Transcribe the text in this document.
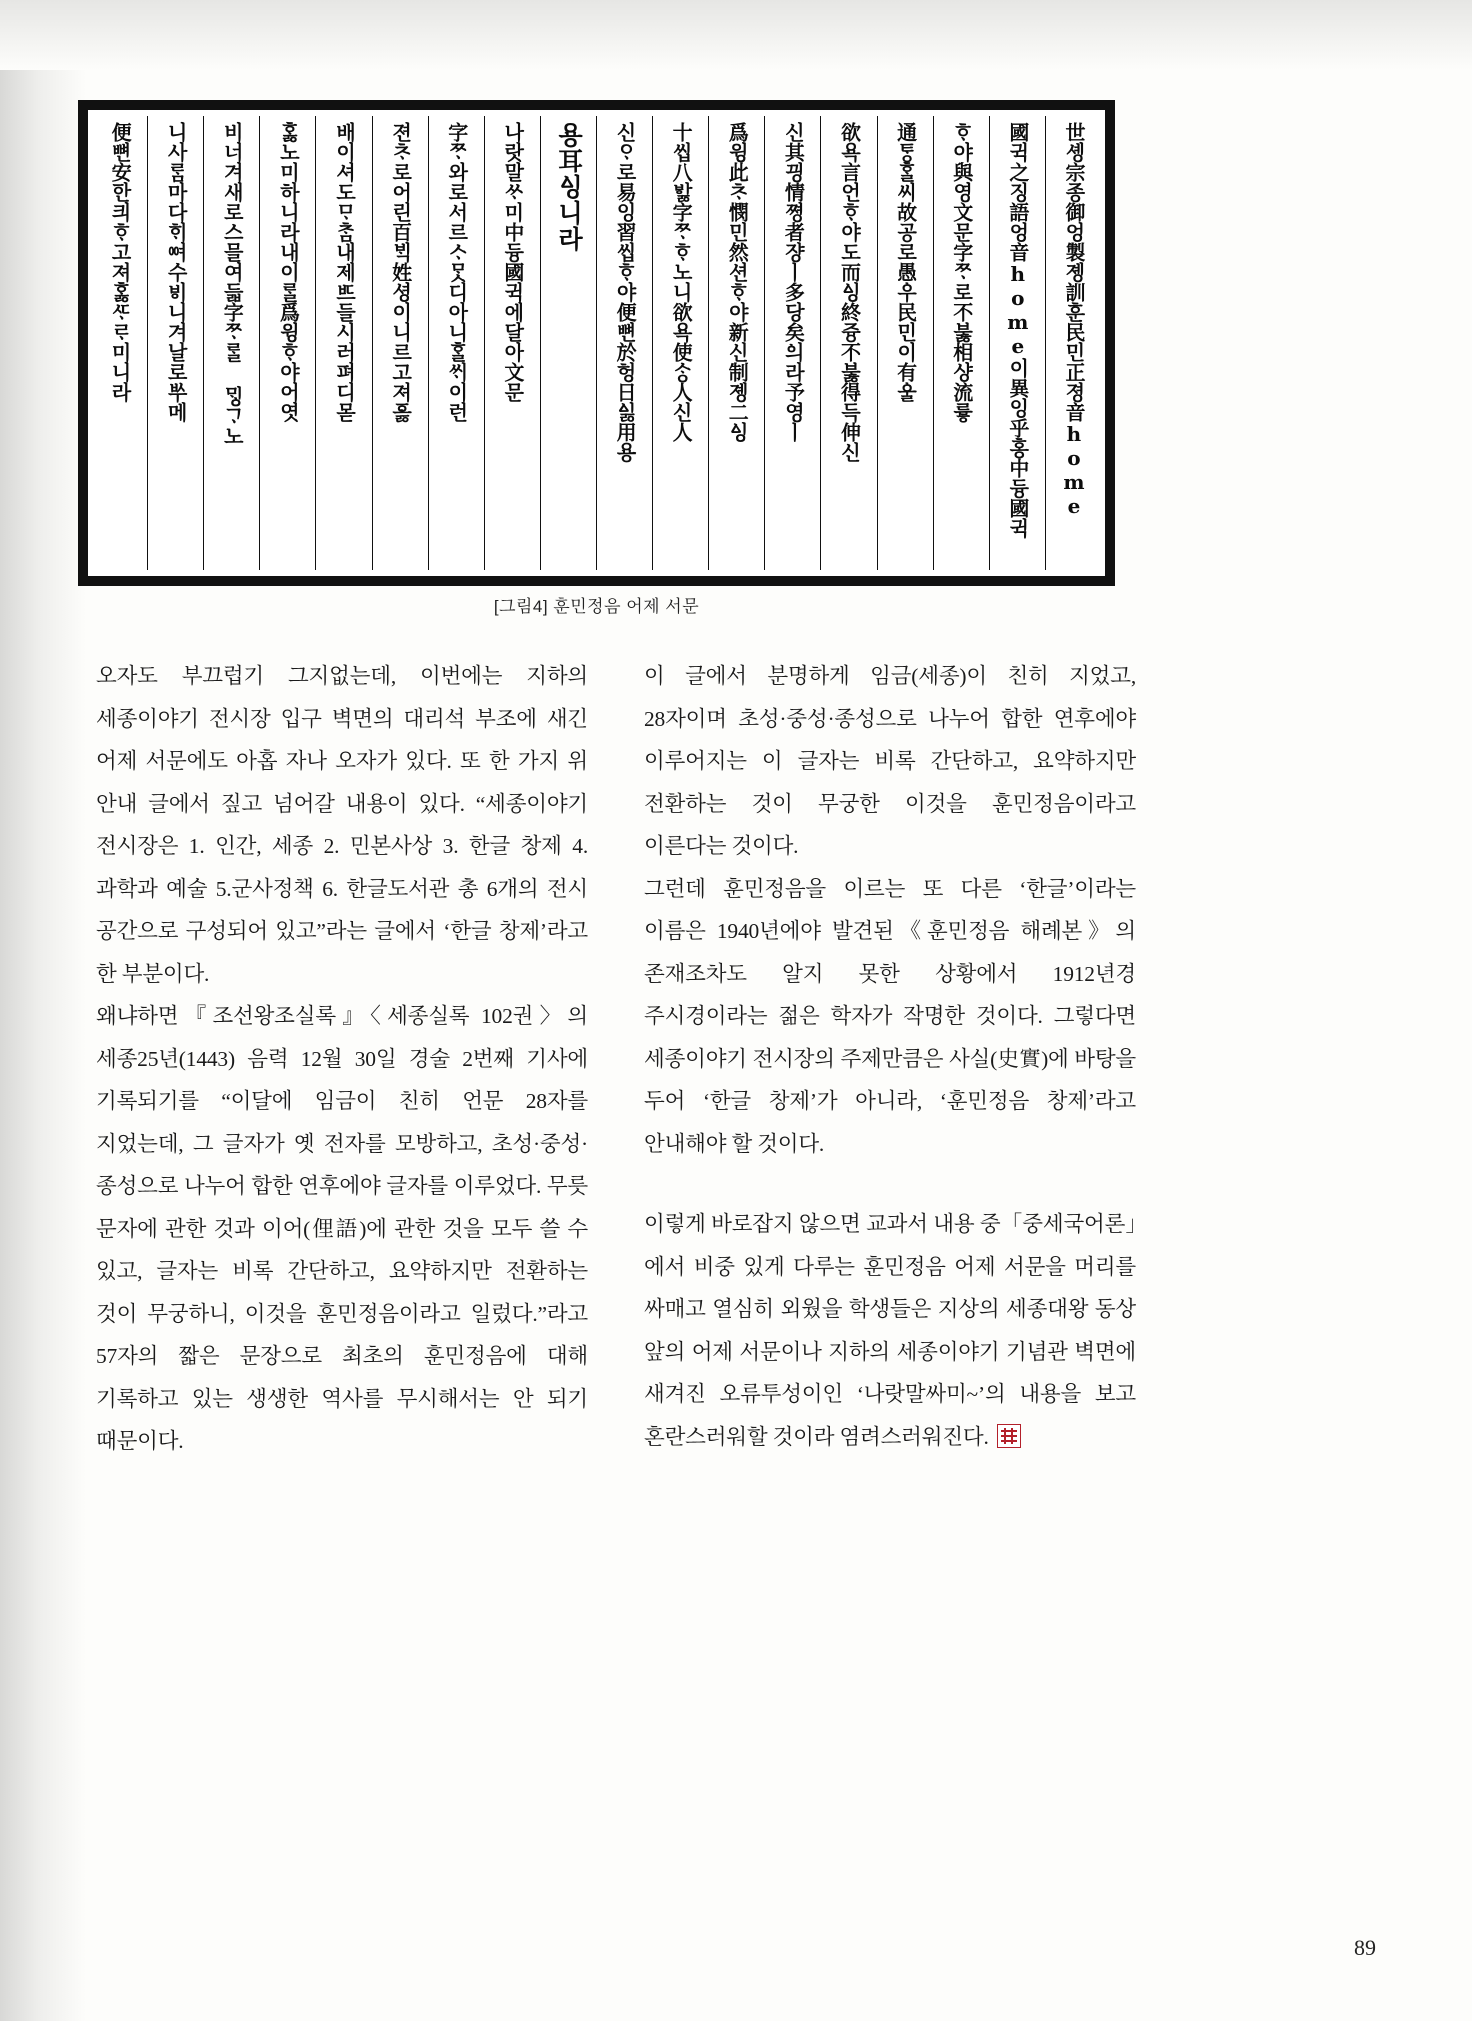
世솅宗종御엉製졩訓훈民민正졍音home
國귁之징語엉音home이異잉乎홍中듕國귁
ᄒᆞ야與영文문字ᄍᆞ로不붏相샹流륳
通ᄐᆞᆼᄒᆞᆯ씨故공로愚ᅌᅮ民민이有ᅌᅮᆯ
欲욕言언ᄒᆞ야도而ᅀᅵᆼ終즁不붏得득伸신
신其끵情쪙者쟝ㅣ多당矣ᅌᅴ라予영ㅣ
爲윙此ᄎᆞ憫민然션ᄒᆞ야新신制졩二ᅀᅵᆼ
十씹八ᄫᅡᇙ字ᄍᆞᄒᆞ노니欲욕使ᄉᆞᆼ人신人
신ᄋᆞ로易잉習씹ᄒᆞ야便뼌於헝日ᅀᅵᇙ用용
용耳ᅀᅵᆼ니라
나랏말ᄊᆞ미中듕國귁에달아文문
字ᄍᆞ와로서르ᄉᆞᄆᆞᆺ디아니ᄒᆞᆯᄊᆡ이런
젼ᄎᆞ로어린百ᄇᆡᆨ姓셩이니르고져ᅙᅩᇙ
배이셔도ᄆᆞᄎᆞᆷ내제ᄠᅳ들시러펴디몯
ᄒᆞᇙ노미하니라내이ᄅᆞᆯ爲윙ᄒᆞ야어엿
비너겨새로스믈여듧字ᄍᆞᄅᆞᆯ ᄆᆡᇰᄀᆞ노
니사ᄅᆞᆷ마다ᄒᆡᅇᅧ수ᄫᅵ니겨날로ᄡᅮ메
便뼌安ᅙᅡᆫ킈ᄒᆞ고져ᄒᆞᇙᄯᆞᄅᆞ미니라
[그림4] 훈민정음 어제 서문

오자도 부끄럽기 그지없는데, 이번에는 지하의 세종이야기 전시장 입구 벽면의 대리석 부조에 새긴 어제 서문에도 아홉 자나 오자가 있다. 또 한 가지 위 안내 글에서 짚고 넘어갈 내용이 있다. “세종이야기 전시장은 1. 인간, 세종 2. 민본사상 3. 한글 창제 4. 과학과 예술 5.군사정책 6. 한글도서관 총 6개의 전시 공간으로 구성되어 있고”라는 글에서 ‘한글 창제’라고 한 부분이다.

왜냐하면『조선왕조실록』〈세종실록 102권〉의 세종25년(1443) 음력 12월 30일 경술 2번째 기사에 기록되기를 “이달에 임금이 친히 언문 28자를 지었는데, 그 글자가 옛 전자를 모방하고, 초성·중성·종성으로 나누어 합한 연후에야 글자를 이루었다. 무릇 문자에 관한 것과 이어(俚語)에 관한 것을 모두 쓸 수 있고, 글자는 비록 간단하고, 요약하지만 전환하는 것이 무궁하니, 이것을 훈민정음이라고 일렀다.”라고 57자의 짧은 문장으로 최초의 훈민정음에 대해 기록하고 있는 생생한 역사를 무시해서는 안 되기 때문이다.

이 글에서 분명하게 임금(세종)이 친히 지었고, 28자이며 초성·중성·종성으로 나누어 합한 연후에야 이루어지는 이 글자는 비록 간단하고, 요약하지만 전환하는 것이 무궁한 이것을 훈민정음이라고 이른다는 것이다.

그런데 훈민정음을 이르는 또 다른 ‘한글’이라는 이름은 1940년에야 발견된《훈민정음 해례본》의 존재조차도 알지 못한 상황에서 1912년경 주시경이라는 젊은 학자가 작명한 것이다. 그렇다면 세종이야기 전시장의 주제만큼은 사실(史實)에 바탕을 두어 ‘한글 창제’가 아니라, ‘훈민정음 창제’라고 안내해야 할 것이다.

이렇게 바로잡지 않으면 교과서 내용 중「중세국어론」에서 비중 있게 다루는 훈민정음 어제 서문을 머리를 싸매고 열심히 외웠을 학생들은 지상의 세종대왕 동상 앞의 어제 서문이나 지하의 세종이야기 기념관 벽면에 새겨진 오류투성이인 ‘나랏말싸미~’의 내용을 보고 혼란스러워할 것이라 염려스러워진다.

89
